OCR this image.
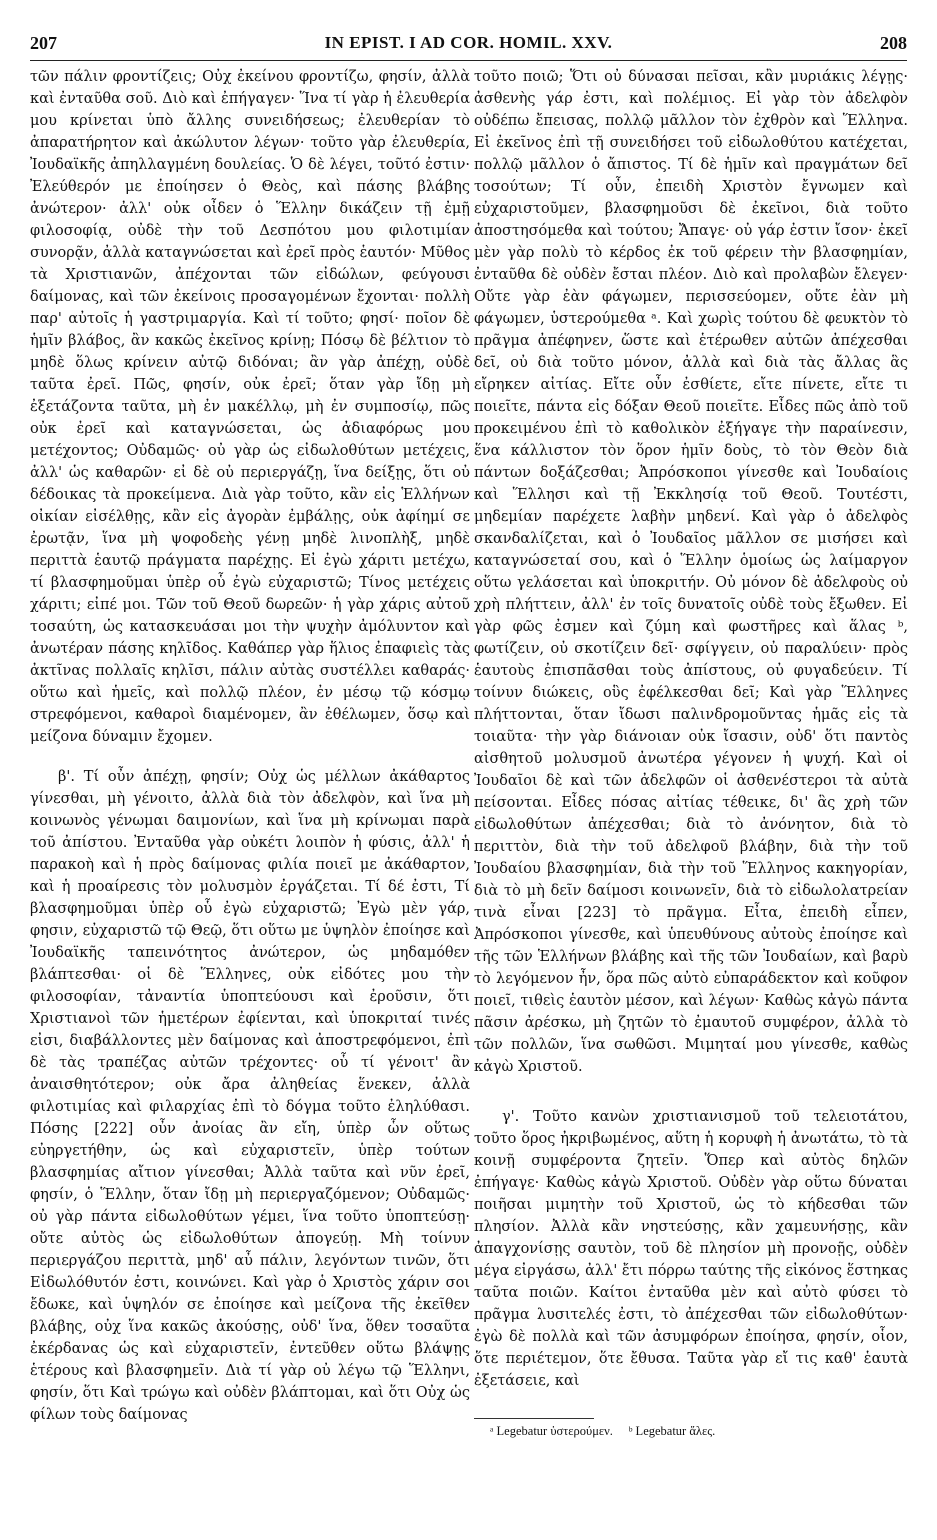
207	IN EPIST. I AD COR. HOMIL. XXV.	208

τῶν πάλιν φροντίζεις; Οὐχ ἐκείνου φροντίζω, φησίν, ἀλλὰ καὶ ἐνταῦθα σοῦ. Διὸ καὶ ἐπήγαγεν· Ἵνα τί γὰρ ἡ ἐλευθερία μου κρίνεται ὑπὸ ἄλλης συνειδήσεως; ἐλευθερίαν τὸ ἀπαρατήρητον καὶ ἀκώλυτον λέγων· τοῦτο γὰρ ἐλευθερία, Ἰουδαϊκῆς ἀπηλλαγμένη δουλείας. Ὁ δὲ λέγει, τοῦτό ἐστιν· Ἐλεύθερόν με ἐποίησεν ὁ Θεὸς, καὶ πάσης βλάβης ἀνώτερον· ἀλλ' οὐκ οἶδεν ὁ Ἕλλην δικάζειν τῇ ἐμῇ φιλοσοφίᾳ, οὐδὲ τὴν τοῦ Δεσπότου μου φιλοτιμίαν συνορᾷν, ἀλλὰ καταγνώσεται καὶ ἐρεῖ πρὸς ἑαυτόν· Μῦθος τὰ Χριστιανῶν, ἀπέχονται τῶν εἰδώλων, φεύγουσι δαίμονας, καὶ τῶν ἐκείνοις προσαγομένων ἔχονται· πολλὴ παρ' αὐτοῖς ἡ γαστριμαργία. Καὶ τί τοῦτο; φησί· ποῖον δὲ ἡμῖν βλάβος, ἂν κακῶς ἐκεῖνος κρίνῃ; Πόσῳ δὲ βέλτιον τὸ μηδὲ ὅλως κρίνειν αὐτῷ διδόναι; ἂν γὰρ ἀπέχῃ, οὐδὲ ταῦτα ἐρεῖ. Πῶς, φησίν, οὐκ ἐρεῖ; ὅταν γὰρ ἴδῃ μὴ ἐξετάζοντα ταῦτα, μὴ ἐν μακέλλῳ, μὴ ἐν συμποσίῳ, πῶς οὐκ ἐρεῖ καὶ καταγνώσεται, ὡς ἀδιαφόρως μου μετέχοντος; Οὐδαμῶς· οὐ γὰρ ὡς εἰδωλοθύτων μετέχεις, ἀλλ' ὡς καθαρῶν· εἰ δὲ οὐ περιεργάζῃ, ἵνα δείξῃς, ὅτι οὐ δέδοικας τὰ προκείμενα. Διὰ γὰρ τοῦτο, κἂν εἰς Ἑλλήνων οἰκίαν εἰσέλθῃς, κἂν εἰς ἀγορὰν ἐμβάλῃς, οὐκ ἀφίημί σε ἐρωτᾷν, ἵνα μὴ ψοφοδεὴς γένῃ μηδὲ λινοπλὴξ, μηδὲ περιττὰ ἑαυτῷ πράγματα παρέχῃς. Εἰ ἐγὼ χάριτι μετέχω, τί βλασφημοῦμαι ὑπὲρ οὗ ἐγὼ εὐχαριστῶ; Τίνος μετέχεις χάριτι; εἰπέ μοι. Τῶν τοῦ Θεοῦ δωρεῶν· ἡ γὰρ χάρις αὐτοῦ τοσαύτη, ὡς κατασκευάσαι μοι τὴν ψυχὴν ἀμόλυντον καὶ ἀνωτέραν πάσης κηλῖδος. Καθάπερ γὰρ ἥλιος ἐπαφιεὶς τὰς ἀκτῖνας πολλαῖς κηλῖσι, πάλιν αὐτὰς συστέλλει καθαράς· οὕτω καὶ ἡμεῖς, καὶ πολλῷ πλέον, ἐν μέσῳ τῷ κόσμῳ στρεφόμενοι, καθαροὶ διαμένομεν, ἂν ἐθέλωμεν, ὅσῳ καὶ μείζονα δύναμιν ἔχομεν.

β'. Τί οὖν ἀπέχῃ, φησίν; Οὐχ ὡς μέλλων ἀκάθαρτος γίνεσθαι, μὴ γένοιτο, ἀλλὰ διὰ τὸν ἀδελφὸν, καὶ ἵνα μὴ κοινωνὸς γένωμαι δαιμονίων, καὶ ἵνα μὴ κρίνωμαι παρὰ τοῦ ἀπίστου. Ἐνταῦθα γὰρ οὐκέτι λοιπὸν ἡ φύσις, ἀλλ' ἡ παρακοὴ καὶ ἡ πρὸς δαίμονας φιλία ποιεῖ με ἀκάθαρτον, καὶ ἡ προαίρεσις τὸν μολυσμὸν ἐργάζεται. Τί δέ ἐστι, Τί βλασφημοῦμαι ὑπὲρ οὗ ἐγὼ εὐχαριστῶ; Ἐγὼ μὲν γάρ, φησιν, εὐχαριστῶ τῷ Θεῷ, ὅτι οὕτω με ὑψηλὸν ἐποίησε καὶ Ἰουδαϊκῆς ταπεινότητος ἀνώτερον, ὡς μηδαμόθεν βλάπτεσθαι· οἱ δὲ Ἕλληνες, οὐκ εἰδότες μου τὴν φιλοσοφίαν, τἀναντία ὑποπτεύουσι καὶ ἐροῦσιν, ὅτι Χριστιανοὶ τῶν ἡμετέρων ἐφίενται, καὶ ὑποκριταί τινές εἰσι, διαβάλλοντες μὲν δαίμονας καὶ ἀποστρεφόμενοι, ἐπὶ δὲ τὰς τραπέζας αὐτῶν τρέχοντες· οὗ τί γένοιτ' ἂν ἀναισθητότερον; οὐκ ἄρα ἀληθείας ἕνεκεν, ἀλλὰ φιλοτιμίας καὶ φιλαρχίας ἐπὶ τὸ δόγμα τοῦτο ἐληλύθασι. Πόσης [222] οὖν ἀνοίας ἂν εἴη, ὑπὲρ ὧν οὕτως εὐηργετήθην, ὡς καὶ εὐχαριστεῖν, ὑπὲρ τούτων βλασφημίας αἴτιον γίνεσθαι; Ἀλλὰ ταῦτα καὶ νῦν ἐρεῖ, φησίν, ὁ Ἕλλην, ὅταν ἴδῃ μὴ περιεργαζόμενον; Οὐδαμῶς· οὐ γὰρ πάντα εἰδωλοθύτων γέμει, ἵνα τοῦτο ὑποπτεύσῃ· οὔτε αὐτὸς ὡς εἰδωλοθύτων ἀπογεύῃ. Μὴ τοίνυν περιεργάζου περιττὰ, μηδ' αὖ πάλιν, λεγόντων τινῶν, ὅτι Εἰδωλόθυτόν ἐστι, κοινώνει. Καὶ γὰρ ὁ Χριστὸς χάριν σοι ἔδωκε, καὶ ὑψηλόν σε ἐποίησε καὶ μείζονα τῆς ἐκεῖθεν βλάβης, οὐχ ἵνα κακῶς ἀκούσῃς, οὐδ' ἵνα, ὅθεν τοσαῦτα ἐκέρδανας ὡς καὶ εὐχαριστεῖν, ἐντεῦθεν οὕτω βλάψῃς ἑτέρους καὶ βλασφημεῖν. Διὰ τί γὰρ οὐ λέγω τῷ Ἕλληνι, φησίν, ὅτι Καὶ τρώγω καὶ οὐδὲν βλάπτομαι, καὶ ὅτι Οὐχ ὡς φίλων τοὺς δαίμονας

τοῦτο ποιῶ; Ὅτι οὐ δύνασαι πεῖσαι, κἂν μυριάκις λέγῃς· ἀσθενὴς γάρ ἐστι, καὶ πολέμιος. Εἰ γὰρ τὸν ἀδελφὸν οὐδέπω ἔπεισας, πολλῷ μᾶλλον τὸν ἐχθρὸν καὶ Ἕλληνα. Εἰ ἐκεῖνος ἐπὶ τῇ συνειδήσει τοῦ εἰδωλοθύτου κατέχεται, πολλῷ μᾶλλον ὁ ἄπιστος. Τί δὲ ἡμῖν καὶ πραγμάτων δεῖ τοσούτων; Τί οὖν, ἐπειδὴ Χριστὸν ἔγνωμεν καὶ εὐχαριστοῦμεν, βλασφημοῦσι δὲ ἐκεῖνοι, διὰ τοῦτο ἀποστησόμεθα καὶ τούτου; Ἄπαγε· οὐ γάρ ἐστιν ἴσον· ἐκεῖ μὲν γὰρ πολὺ τὸ κέρδος ἐκ τοῦ φέρειν τὴν βλασφημίαν, ἐνταῦθα δὲ οὐδὲν ἔσται πλέον. Διὸ καὶ προλαβὼν ἔλεγεν· Οὔτε γὰρ ἐὰν φάγωμεν, περισσεύομεν, οὔτε ἐὰν μὴ φάγωμεν, ὑστερούμεθα ᵃ. Καὶ χωρὶς τούτου δὲ φευκτὸν τὸ πρᾶγμα ἀπέφηνεν, ὥστε καὶ ἑτέρωθεν αὐτῶν ἀπέχεσθαι δεῖ, οὐ διὰ τοῦτο μόνον, ἀλλὰ καὶ διὰ τὰς ἄλλας ἃς εἴρηκεν αἰτίας. Εἴτε οὖν ἐσθίετε, εἴτε πίνετε, εἴτε τι ποιεῖτε, πάντα εἰς δόξαν Θεοῦ ποιεῖτε. Εἶδες πῶς ἀπὸ τοῦ προκειμένου ἐπὶ τὸ καθολικὸν ἐξήγαγε τὴν παραίνεσιν, ἕνα κάλλιστον τὸν ὅρον ἡμῖν δοὺς, τὸ τὸν Θεὸν διὰ πάντων δοξάζεσθαι; Ἀπρόσκοποι γίνεσθε καὶ Ἰουδαίοις καὶ Ἕλλησι καὶ τῇ Ἐκκλησίᾳ τοῦ Θεοῦ. Τουτέστι, μηδεμίαν παρέχετε λαβὴν μηδενί. Καὶ γὰρ ὁ ἀδελφὸς σκανδαλίζεται, καὶ ὁ Ἰουδαῖος μᾶλλον σε μισήσει καὶ καταγνώσεταί σου, καὶ ὁ Ἕλλην ὁμοίως ὡς λαίμαργον οὕτω γελάσεται καὶ ὑποκριτήν. Οὐ μόνον δὲ ἀδελφοὺς οὐ χρὴ πλήττειν, ἀλλ' ἐν τοῖς δυνατοῖς οὐδὲ τοὺς ἔξωθεν. Εἰ γὰρ φῶς ἐσμεν καὶ ζύμη καὶ φωστῆρες καὶ ἅλας ᵇ, φωτίζειν, οὐ σκοτίζειν δεῖ· σφίγγειν, οὐ παραλύειν· πρὸς ἑαυτοὺς ἐπισπᾶσθαι τοὺς ἀπίστους, οὐ φυγαδεύειν. Τί τοίνυν διώκεις, οὓς ἐφέλκεσθαι δεῖ; Καὶ γὰρ Ἕλληνες πλήττονται, ὅταν ἴδωσι παλινδρομοῦντας ἡμᾶς εἰς τὰ τοιαῦτα· τὴν γὰρ διάνοιαν οὐκ ἴσασιν, οὐδ' ὅτι παντὸς αἰσθητοῦ μολυσμοῦ ἀνωτέρα γέγονεν ἡ ψυχή. Καὶ οἱ Ἰουδαῖοι δὲ καὶ τῶν ἀδελφῶν οἱ ἀσθενέστεροι τὰ αὐτὰ πείσονται. Εἶδες πόσας αἰτίας τέθεικε, δι' ἃς χρὴ τῶν εἰδωλοθύτων ἀπέχεσθαι; διὰ τὸ ἀνόνητον, διὰ τὸ περιττὸν, διὰ τὴν τοῦ ἀδελφοῦ βλάβην, διὰ τὴν τοῦ Ἰουδαίου βλασφημίαν, διὰ τὴν τοῦ Ἕλληνος κακηγορίαν, διὰ τὸ μὴ δεῖν δαίμοσι κοινωνεῖν, διὰ τὸ εἰδωλολατρείαν τινὰ εἶναι [223] τὸ πρᾶγμα. Εἶτα, ἐπειδὴ εἶπεν, Ἀπρόσκοποι γίνεσθε, καὶ ὑπευθύνους αὐτοὺς ἐποίησε καὶ τῆς τῶν Ἑλλήνων βλάβης καὶ τῆς τῶν Ἰουδαίων, καὶ βαρὺ τὸ λεγόμενον ἦν, ὅρα πῶς αὐτὸ εὐπαράδεκτον καὶ κοῦφον ποιεῖ, τιθεὶς ἑαυτὸν μέσον, καὶ λέγων· Καθὼς κἀγὼ πάντα πᾶσιν ἀρέσκω, μὴ ζητῶν τὸ ἐμαυτοῦ συμφέρον, ἀλλὰ τὸ τῶν πολλῶν, ἵνα σωθῶσι. Μιμηταί μου γίνεσθε, καθὼς κἀγὼ Χριστοῦ.

γ'. Τοῦτο κανὼν χριστιανισμοῦ τοῦ τελειοτάτου, τοῦτο ὅρος ἠκριβωμένος, αὕτη ἡ κορυφὴ ἡ ἀνωτάτω, τὸ τὰ κοινῇ συμφέροντα ζητεῖν. Ὅπερ καὶ αὐτὸς δηλῶν ἐπήγαγε· Καθὼς κἀγὼ Χριστοῦ. Οὐδὲν γὰρ οὕτω δύναται ποιῆσαι μιμητὴν τοῦ Χριστοῦ, ὡς τὸ κήδεσθαι τῶν πλησίον. Ἀλλὰ κἂν νηστεύσῃς, κἂν χαμευνήσῃς, κἂν ἀπαγχονίσῃς σαυτὸν, τοῦ δὲ πλησίον μὴ προνοῇς, οὐδὲν μέγα εἰργάσω, ἀλλ' ἔτι πόρρω ταύτης τῆς εἰκόνος ἕστηκας ταῦτα ποιῶν. Καίτοι ἐνταῦθα μὲν καὶ αὐτὸ φύσει τὸ πρᾶγμα λυσιτελές ἐστι, τὸ ἀπέχεσθαι τῶν εἰδωλοθύτων· ἐγὼ δὲ πολλὰ καὶ τῶν ἀσυμφόρων ἐποίησα, φησίν, οἷον, ὅτε περιέτεμον, ὅτε ἔθυσα. Ταῦτα γὰρ εἴ τις καθ' ἑαυτὰ ἐξετάσειε, καὶ

ᵃ Legebatur ὑστερούμεν. ᵇ Legebatur ἅλες.
